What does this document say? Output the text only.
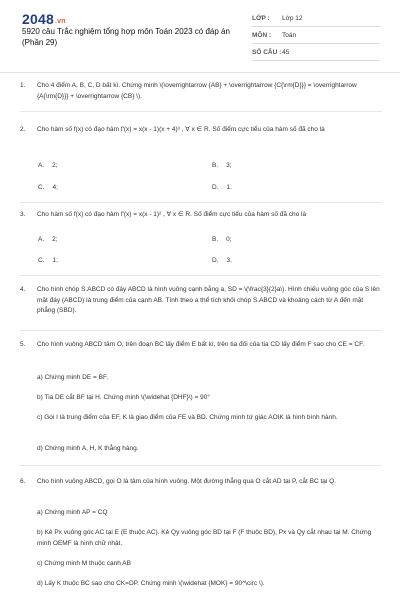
2048.vn
5920 câu Trắc nghiệm tổng hợp môn Toán 2023 có đáp án (Phần 29)
LỚP : Lớp 12
MÔN : Toán
SỐ CÂU : 45
1. Cho 4 điểm A, B, C, D bất kì. Chứng minh \(\overrightarrow {AB} + \overrightarrow {C{\rm{D}}} = \overrightarrow {A{\rm{D}}} + \overrightarrow {CB} \).
2. Cho hàm số f(x) có đạo hàm f'(x) = x(x - 1)(x + 4)³ , ∀ x ∈ R. Số điểm cực tiểu của hàm số đã cho là
A. 2;	B. 3;
C. 4;	D. 1.
3. Cho hàm số f(x) có đạo hàm f'(x) = x(x - 1)² , ∀ x ∈ R. Số điểm cực tiểu của hàm số đã cho là
A. 2;	B. 0;
C. 1;	D. 3.
4. Cho hình chóp S.ABCD có đáy ABCD là hình vuông cạnh bằng a, SD = \(\frac{3}{2}a\). Hình chiếu vuông góc của S lên mặt đáy (ABCD) là trung điểm của cạnh AB. Tính theo a thể tích khối chóp S.ABCD và khoảng cách từ A đến mặt phẳng (SBD).
5. Cho hình vuông ABCD tâm O, trên đoạn BC lấy điểm E bất kì, trên tia đối của tia CD lấy điểm F sao cho CE = CF.
a) Chứng minh DE = BF.
b) Tia DE cắt BF tại H. Chứng minh \(\widehat {DHF}\) = 90°
c) Gọi I là trung điểm của EF, K là giao điểm của FE và BD. Chứng minh tứ giác AOIK là hình bình hành.
d) Chứng minh A, H, K thẳng hàng.
6. Cho hình vuông ABCD, gọi O là tâm của hình vuông. Một đường thẳng qua O cắt AD tại P, cắt BC tại Q.
a) Chứng minh AP = CQ
b) Kẻ Px vuông góc AC tại E (E thuộc AC). Kẻ Qy vuông góc BD tại F (F thuộc BD), Px và Qy cắt nhau tại M. Chứng minh OEMF là hình chữ nhật.
c) Chứng minh M thuộc cạnh AB
d) Lấy K thuộc BC sao cho CK=DP. Chứng minh \(\widehat {MOK} = 90^\circ \).
